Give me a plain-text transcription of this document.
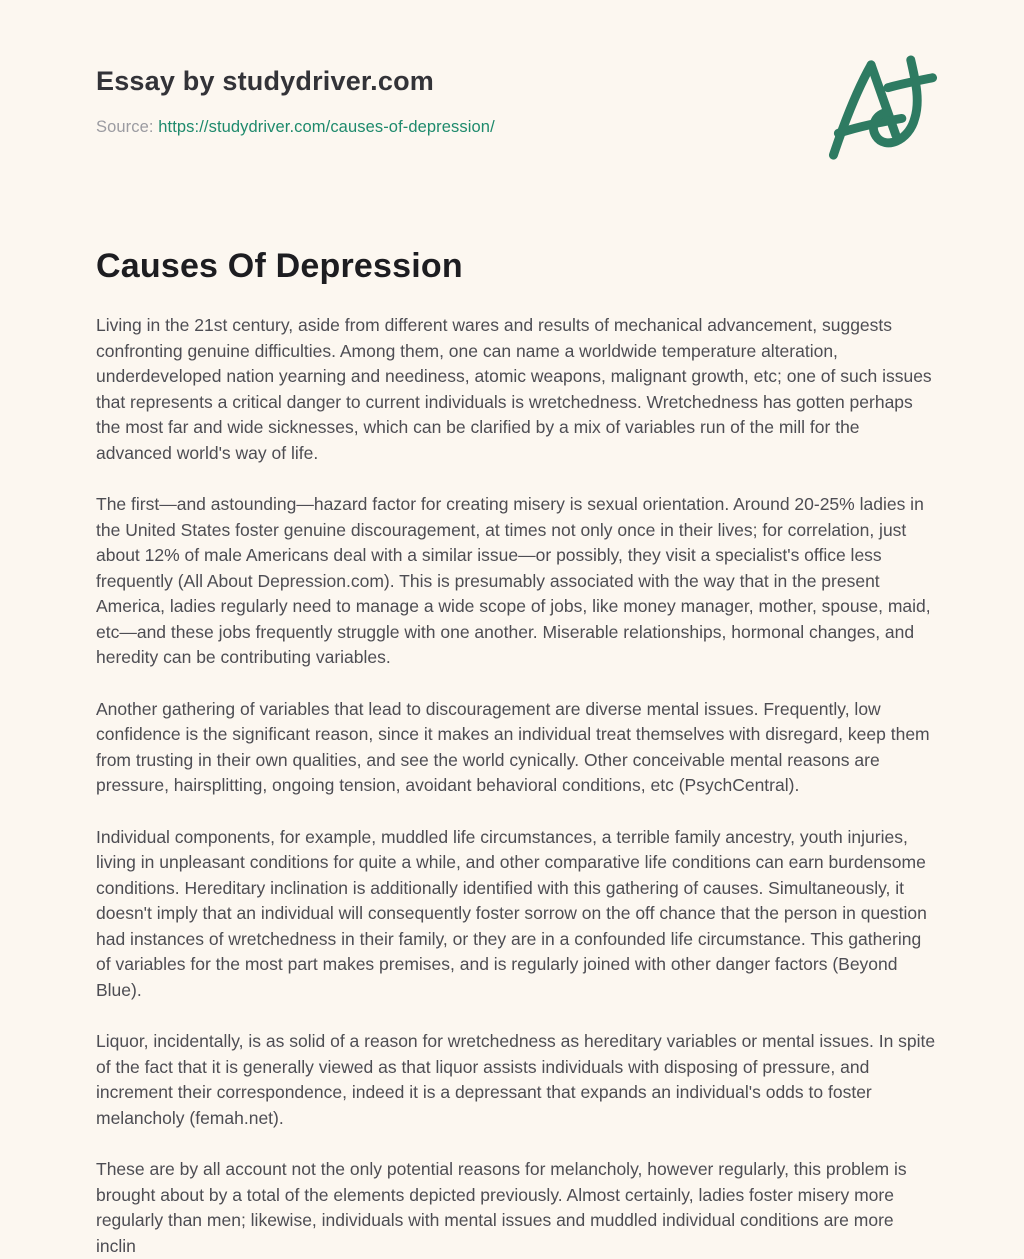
Essay by studydriver.com
Source: https://studydriver.com/causes-of-depression/
Causes Of Depression

Living in the 21st century, aside from different wares and results of mechanical advancement, suggests confronting genuine difficulties. Among them, one can name a worldwide temperature alteration, underdeveloped nation yearning and neediness, atomic weapons, malignant growth, etc; one of such issues that represents a critical danger to current individuals is wretchedness. Wretchedness has gotten perhaps the most far and wide sicknesses, which can be clarified by a mix of variables run of the mill for the advanced world's way of life.

The first—and astounding—hazard factor for creating misery is sexual orientation. Around 20-25% ladies in the United States foster genuine discouragement, at times not only once in their lives; for correlation, just about 12% of male Americans deal with a similar issue—or possibly, they visit a specialist's office less frequently (All About Depression.com). This is presumably associated with the way that in the present America, ladies regularly need to manage a wide scope of jobs, like money manager, mother, spouse, maid, etc—and these jobs frequently struggle with one another. Miserable relationships, hormonal changes, and heredity can be contributing variables.

Another gathering of variables that lead to discouragement are diverse mental issues. Frequently, low confidence is the significant reason, since it makes an individual treat themselves with disregard, keep them from trusting in their own qualities, and see the world cynically. Other conceivable mental reasons are pressure, hairsplitting, ongoing tension, avoidant behavioral conditions, etc (PsychCentral).

Individual components, for example, muddled life circumstances, a terrible family ancestry, youth injuries, living in unpleasant conditions for quite a while, and other comparative life conditions can earn burdensome conditions. Hereditary inclination is additionally identified with this gathering of causes. Simultaneously, it doesn't imply that an individual will consequently foster sorrow on the off chance that the person in question had instances of wretchedness in their family, or they are in a confounded life circumstance. This gathering of variables for the most part makes premises, and is regularly joined with other danger factors (Beyond Blue).

Liquor, incidentally, is as solid of a reason for wretchedness as hereditary variables or mental issues. In spite of the fact that it is generally viewed as that liquor assists individuals with disposing of pressure, and increment their correspondence, indeed it is a depressant that expands an individual's odds to foster melancholy (femah.net).

These are by all account not the only potential reasons for melancholy, however regularly, this problem is brought about by a total of the elements depicted previously. Almost certainly, ladies foster misery more regularly than men; likewise, individuals with mental issues and muddled individual conditions are more inclin
